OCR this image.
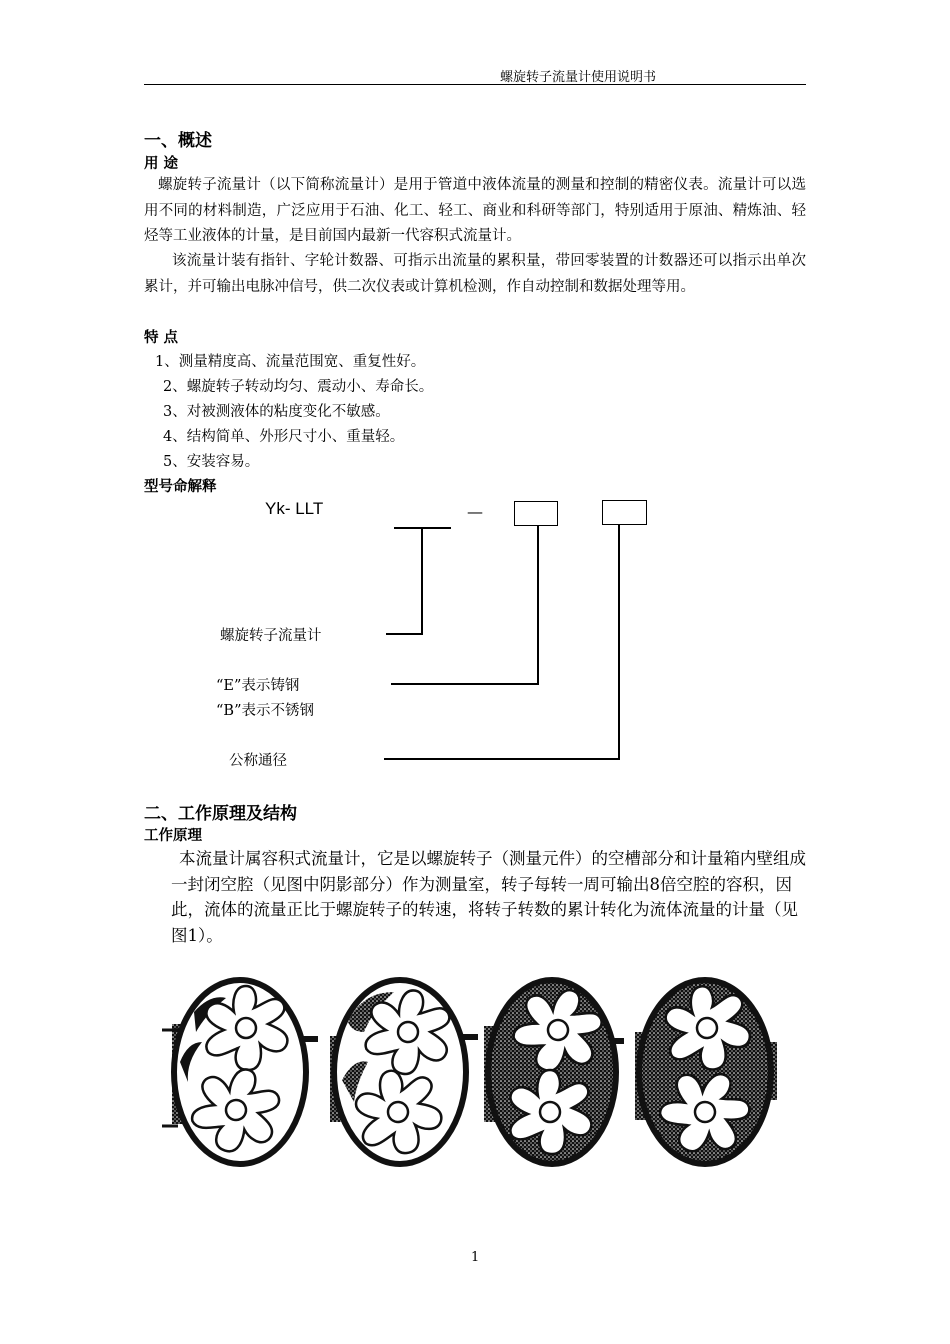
螺旋转子流量计使用说明书
一、概述
用 途
螺旋转子流量计（以下简称流量计）是用于管道中液体流量的测量和控制的精密仪表。流量计可以选用不同的材料制造，广泛应用于石油、化工、轻工、商业和科研等部门，特别适用于原油、精炼油、轻烃等工业液体的计量，是目前国内最新一代容积式流量计。
该流量计装有指针、字轮计数器、可指示出流量的累积量，带回零装置的计数器还可以指示出单次累计，并可输出电脉冲信号，供二次仪表或计算机检测，作自动控制和数据处理等用。
特 点
1、测量精度高、流量范围宽、重复性好。
2、螺旋转子转动均匀、震动小、寿命长。
3、对被测液体的粘度变化不敏感。
4、结构简单、外形尺寸小、重量轻。
5、安装容易。
型号命解释
Yk- LLT	—
螺旋转子流量计
“E”表示铸钢
“B”表示不锈钢
公称通径
二、工作原理及结构
工作原理
本流量计属容积式流量计，它是以螺旋转子（测量元件）的空槽部分和计量箱内壁组成一封闭空腔（见图中阴影部分）作为测量室，转子每转一周可输出8倍空腔的容积，因此，流体的流量正比于螺旋转子的转速，将转子转数的累计转化为流体流量的计量（见图1）。
1
